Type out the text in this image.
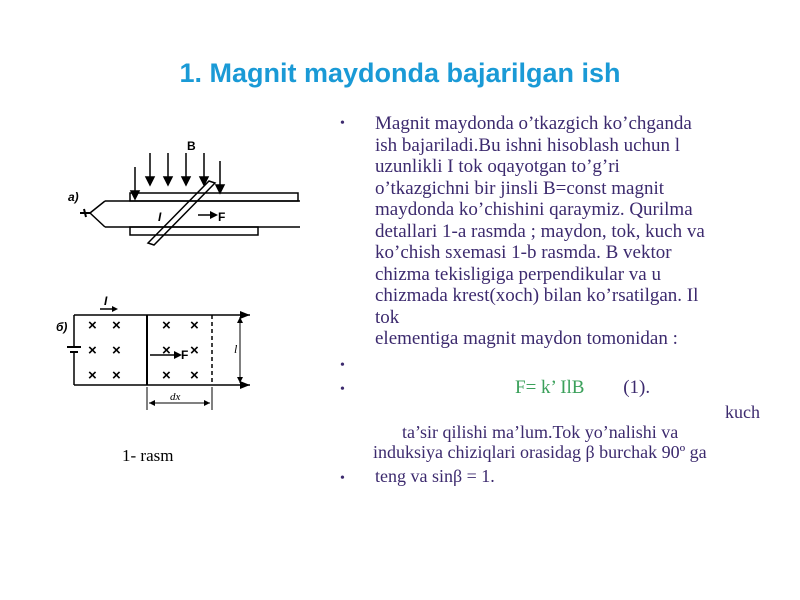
1. Magnit maydonda bajarilgan ish
a)
B
I	F
б)
I
× ×	× ×
× ×	× ×
× ×	× ×
F	l
dx
1- rasm
• Magnit maydonda o’tkazgich ko’chganda
ish bajariladi.Bu ishni hisoblash uchun l
uzunlikli I tok oqayotgan to’g’ri
o’tkazgichni bir jinsli B=const magnit
maydonda ko’chishini qaraymiz. Qurilma
detallari 1-a rasmda ; maydon, tok, kuch va
ko’chish sxemasi 1-b rasmda. B vektor
chizma tekisligiga perpendikular va u
chizmada krest(xoch) bilan ko’rsatilgan. Il
tok
elementiga magnit maydon tomonidan :
•
•	F= k’ IlB (1).
kuch
ta’sir qilishi ma’lum.Tok yo’nalishi va
induksiya chiziqlari orasidag β burchak 90º ga
• teng va sinβ = 1.
